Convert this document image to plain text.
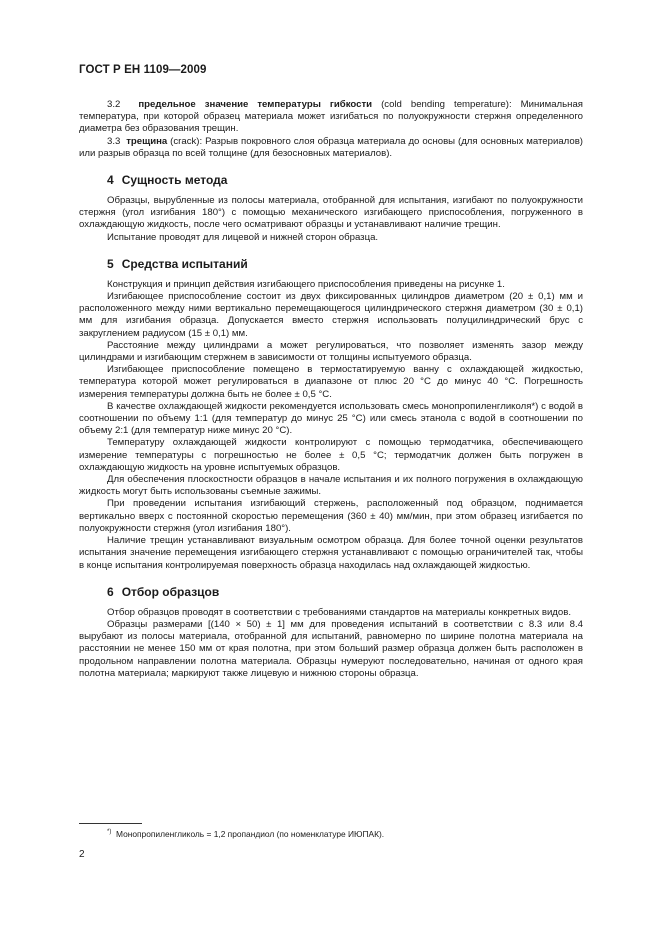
ГОСТ Р ЕН 1109—2009

3.2 предельное значение температуры гибкости (cold bending temperature): Минимальная температура, при которой образец материала может изгибаться по полуокружности стержня определенного диаметра без образования трещин.

3.3 трещина (crack): Разрыв покровного слоя образца материала до основы (для основных материалов) или разрыв образца по всей толщине (для безосновных материалов).

4 Сущность метода

Образцы, вырубленные из полосы материала, отобранной для испытания, изгибают по полуокружности стержня (угол изгибания 180°) с помощью механического изгибающего приспособления, погруженного в охлаждающую жидкость, после чего осматривают образцы и устанавливают наличие трещин.

Испытание проводят для лицевой и нижней сторон образца.

5 Средства испытаний

Конструкция и принцип действия изгибающего приспособления приведены на рисунке 1.

Изгибающее приспособление состоит из двух фиксированных цилиндров диаметром (20 ± 0,1) мм и расположенного между ними вертикально перемещающегося цилиндрического стержня диаметром (30 ± 0,1) мм для изгибания образца. Допускается вместо стержня использовать полуцилиндрический брус с закруглением радиусом (15 ± 0,1) мм.

Расстояние между цилиндрами а может регулироваться, что позволяет изменять зазор между цилиндрами и изгибающим стержнем в зависимости от толщины испытуемого образца.

Изгибающее приспособление помещено в термостатируемую ванну с охлаждающей жидкостью, температура которой может регулироваться в диапазоне от плюс 20 °С до минус 40 °С. Погрешность измерения температуры должна быть не более ± 0,5 °С.

В качестве охлаждающей жидкости рекомендуется использовать смесь монопропиленгликоля*) с водой в соотношении по объему 1:1 (для температур до минус 25 °С) или смесь этанола с водой в соотношении по объему 2:1 (для температур ниже минус 20 °С).

Температуру охлаждающей жидкости контролируют с помощью термодатчика, обеспечивающего измерение температуры с погрешностью не более ± 0,5 °С; термодатчик должен быть погружен в охлаждающую жидкость на уровне испытуемых образцов.

Для обеспечения плоскостности образцов в начале испытания и их полного погружения в охлаждающую жидкость могут быть использованы съемные зажимы.

При проведении испытания изгибающий стержень, расположенный под образцом, поднимается вертикально вверх с постоянной скоростью перемещения (360 ± 40) мм/мин, при этом образец изгибается по полуокружности стержня (угол изгибания 180°).

Наличие трещин устанавливают визуальным осмотром образца. Для более точной оценки результатов испытания значение перемещения изгибающего стержня устанавливают с помощью ограничителей так, чтобы в конце испытания контролируемая поверхность образца находилась над охлаждающей жидкостью.

6 Отбор образцов

Отбор образцов проводят в соответствии с требованиями стандартов на материалы конкретных видов.

Образцы размерами [(140 × 50) ± 1] мм для проведения испытаний в соответствии с 8.3 или 8.4 вырубают из полосы материала, отобранной для испытаний, равномерно по ширине полотна материала на расстоянии не менее 150 мм от края полотна, при этом больший размер образца должен быть расположен в продольном направлении полотна материала. Образцы нумеруют последовательно, начиная от одного края полотна материала; маркируют также лицевую и нижнюю стороны образца.

*) Монопропиленгликоль = 1,2 пропандиол (по номенклатуре ИЮПАК).
2
